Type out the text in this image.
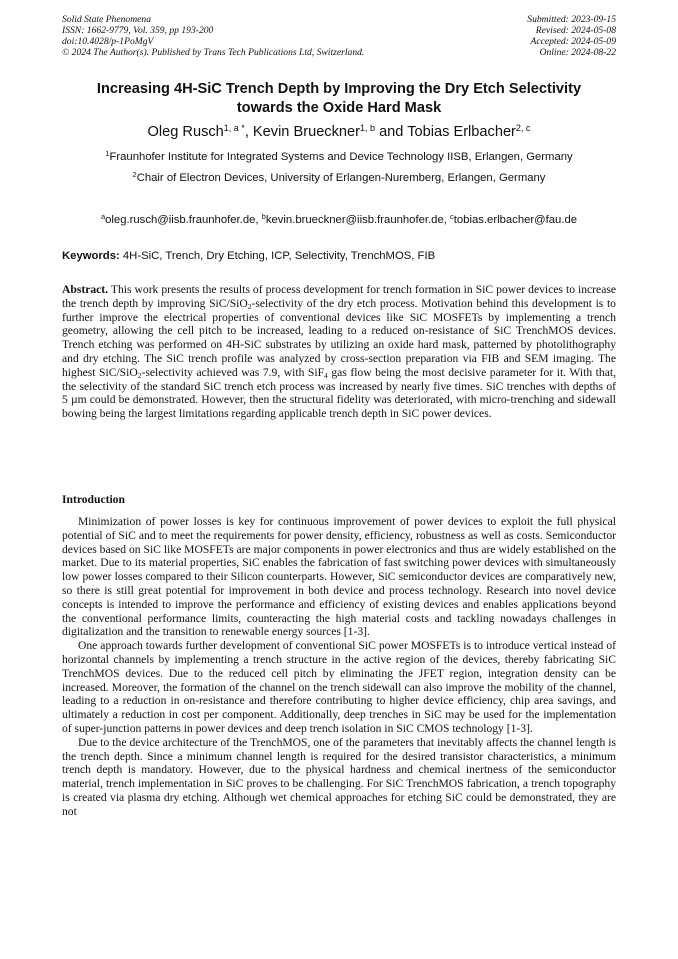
Solid State Phenomena
ISSN: 1662-9779, Vol. 359, pp 193-200
doi:10.4028/p-1PoMgV
© 2024 The Author(s). Published by Trans Tech Publications Ltd, Switzerland.
Submitted: 2023-09-15
Revised: 2024-05-08
Accepted: 2024-05-09
Online: 2024-08-22
Increasing 4H-SiC Trench Depth by Improving the Dry Etch Selectivity
towards the Oxide Hard Mask
Oleg Rusch$^{1, a *}$, Kevin Brueckner$^{1, b}$ and Tobias Erlbacher$^{2, c}$
$^1$Fraunhofer Institute for Integrated Systems and Device Technology IISB, Erlangen, Germany
$^2$Chair of Electron Devices, University of Erlangen-Nuremberg, Erlangen, Germany
$^a$oleg.rusch@iisb.fraunhofer.de, $^b$kevin.brueckner@iisb.fraunhofer.de, $^c$tobias.erlbacher@fau.de
Keywords: 4H-SiC, Trench, Dry Etching, ICP, Selectivity, TrenchMOS, FIB

Abstract. This work presents the results of process development for trench formation in SiC power devices to increase the trench depth by improving SiC/SiO$_2$-selectivity of the dry etch process. Motivation behind this development is to further improve the electrical properties of conventional devices like SiC MOSFETs by implementing a trench geometry, allowing the cell pitch to be increased, leading to a reduced on-resistance of SiC TrenchMOS devices. Trench etching was performed on 4H-SiC substrates by utilizing an oxide hard mask, patterned by photolithography and dry etching. The SiC trench profile was analyzed by cross-section preparation via FIB and SEM imaging. The highest SiC/SiO$_2$-selectivity achieved was 7.9, with SiF$_4$ gas flow being the most decisive parameter for it. With that, the selectivity of the standard SiC trench etch process was increased by nearly five times. SiC trenches with depths of 5 µm could be demonstrated. However, then the structural fidelity was deteriorated, with micro-trenching and sidewall bowing being the largest limitations regarding applicable trench depth in SiC power devices.

Introduction

Minimization of power losses is key for continuous improvement of power devices to exploit the full physical potential of SiC and to meet the requirements for power density, efficiency, robustness as well as costs. Semiconductor devices based on SiC like MOSFETs are major components in power electronics and thus are widely established on the market. Due to its material properties, SiC enables the fabrication of fast switching power devices with simultaneously low power losses compared to their Silicon counterparts. However, SiC semiconductor devices are comparatively new, so there is still great potential for improvement in both device and process technology. Research into novel device concepts is intended to improve the performance and efficiency of existing devices and enables applications beyond the conventional performance limits, counteracting the high material costs and tackling nowadays challenges in digitalization and the transition to renewable energy sources [1-3].

One approach towards further development of conventional SiC power MOSFETs is to introduce vertical instead of horizontal channels by implementing a trench structure in the active region of the devices, thereby fabricating SiC TrenchMOS devices. Due to the reduced cell pitch by eliminating the JFET region, integration density can be increased. Moreover, the formation of the channel on the trench sidewall can also improve the mobility of the channel, leading to a reduction in on-resistance and therefore contributing to higher device efficiency, chip area savings, and ultimately a reduction in cost per component. Additionally, deep trenches in SiC may be used for the implementation of super-junction patterns in power devices and deep trench isolation in SiC CMOS technology [1-3].

Due to the device architecture of the TrenchMOS, one of the parameters that inevitably affects the channel length is the trench depth. Since a minimum channel length is required for the desired transistor characteristics, a minimum trench depth is mandatory. However, due to the physical hardness and chemical inertness of the semiconductor material, trench implementation in SiC proves to be challenging. For SiC TrenchMOS fabrication, a trench topography is created via plasma dry etching. Although wet chemical approaches for etching SiC could be demonstrated, they are not
